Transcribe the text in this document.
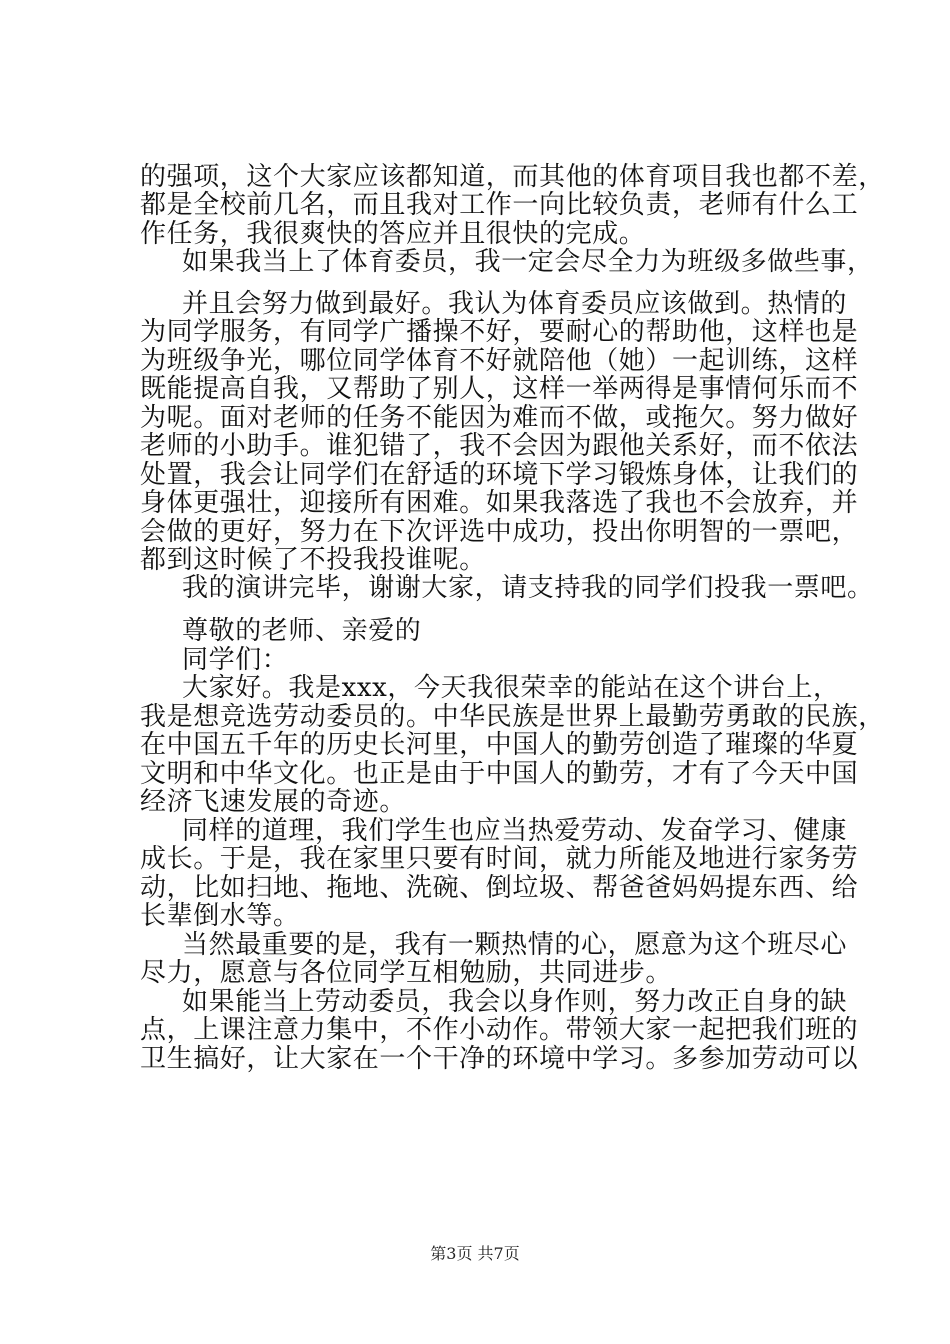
的强项，这个大家应该都知道，而其他的体育项目我也都不差，
都是全校前几名，而且我对工作一向比较负责，老师有什么工
作任务，我很爽快的答应并且很快的完成。
如果我当上了体育委员，我一定会尽全力为班级多做些事，
并且会努力做到最好。我认为体育委员应该做到。热情的
为同学服务，有同学广播操不好，要耐心的帮助他，这样也是
为班级争光，哪位同学体育不好就陪他（她）一起训练，这样
既能提高自我，又帮助了别人，这样一举两得是事情何乐而不
为呢。面对老师的任务不能因为难而不做，或拖欠。努力做好
老师的小助手。谁犯错了，我不会因为跟他关系好，而不依法
处置，我会让同学们在舒适的环境下学习锻炼身体，让我们的
身体更强壮，迎接所有困难。如果我落选了我也不会放弃，并
会做的更好，努力在下次评选中成功，投出你明智的一票吧，
都到这时候了不投我投谁呢。
我的演讲完毕，谢谢大家，请支持我的同学们投我一票吧。
尊敬的老师、亲爱的
同学们：
大家好。我是xxx，今天我很荣幸的能站在这个讲台上，
我是想竞选劳动委员的。中华民族是世界上最勤劳勇敢的民族，
在中国五千年的历史长河里，中国人的勤劳创造了璀璨的华夏
文明和中华文化。也正是由于中国人的勤劳，才有了今天中国
经济飞速发展的奇迹。
同样的道理，我们学生也应当热爱劳动、发奋学习、健康
成长。于是，我在家里只要有时间，就力所能及地进行家务劳
动，比如扫地、拖地、洗碗、倒垃圾、帮爸爸妈妈提东西、给
长辈倒水等。
当然最重要的是，我有一颗热情的心，愿意为这个班尽心
尽力，愿意与各位同学互相勉励，共同进步。
如果能当上劳动委员，我会以身作则，努力改正自身的缺
点，上课注意力集中，不作小动作。带领大家一起把我们班的
卫生搞好，让大家在一个干净的环境中学习。多参加劳动可以
第3页 共7页
